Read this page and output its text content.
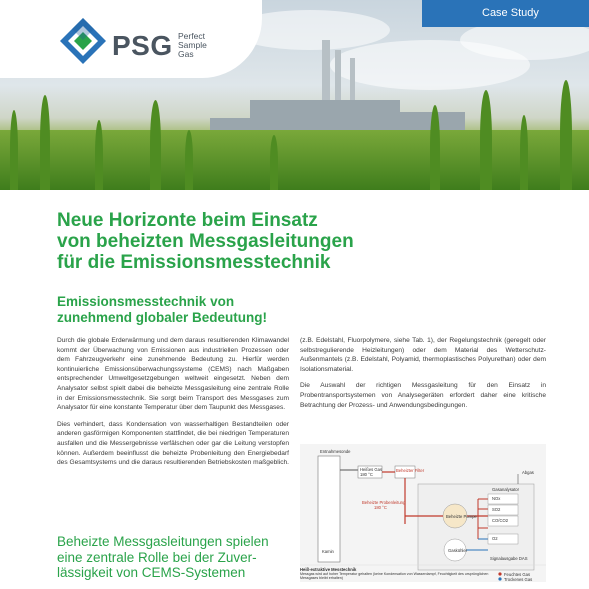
PSG Perfect
Sample
Gas
Case Study
Neue Horizonte beim Einsatz
von beheizten Messgasleitungen
für die Emissionsmesstechnik
Emissionsmesstechnik von
zunehmend globaler Bedeutung!

Durch die globale Erderwärmung und dem daraus resultierenden Klimawandel kommt der Überwachung von Emissionen aus industriellen Prozessen oder dem Fahrzeugverkehr eine zunehmende Bedeutung zu. Hierfür werden kontinuierliche Emissionsüberwachungssysteme (CEMS) nach Maßgaben entsprechender Umweltgesetzgebungen weltweit eingesetzt. Neben dem Analysator selbst spielt dabei die beheizte Messgasleitung eine zentrale Rolle in der Emissionsmesstechnik. Sie sorgt beim Transport des Messgases zum Analysator für eine konstante Temperatur über dem Taupunkt des Messgases.

Dies verhindert, dass Kondensation von wasserhaltigen Bestandteilen oder anderen gasförmigen Komponenten stattfindet, die bei niedrigen Temperaturen ausfallen und die Messergebnisse verfälschen oder gar die Leitung verstopfen können. Außerdem beeinflusst die beheizte Probenleitung den Energiebedarf des Gesamtsystems und die daraus resultierenden Betriebskosten maßgeblich.

Beheizte Messgasleitungen spielen
eine zentrale Rolle bei der Zuver-
lässigkeit von CEMS-Systemen

(z.B. Edelstahl, Fluorpolymere, siehe Tab. 1), der Regelungstechnik (geregelt oder selbstregulierende Heizleitungen) oder dem Material des Wetterschutz-Außenmantels (z.B. Edelstahl, Polyamid, thermoplastisches Polyurethan) oder dem Isolationsmaterial.

Die Auswahl der richtigen Messgasleitung für den Einsatz in Probentransportsystemen von Analysegeräten erfordert daher eine kritische Betrachtung der Prozess- und Anwendungsbedingungen.

Entnahmesonde
Heißes Gas
180 °C
Beheizter Filter
Gasanalysator
Abgas
Beheizte Probenleitung
180 °C
Beheizte Pumpe
Gaskühler
NOx
SO2
CO/CO2
O2
Kamin
Signalausgabe DAS
Heiß-extraktive Messtechnik
Messgas wird auf hoher Temperatur gehalten (keine Kondensation von Wasserdampf, Feuchtigkeit des ursprünglichen Messgases bleibt erhalten)
Feuchtes Gas
Trockenes Gas
